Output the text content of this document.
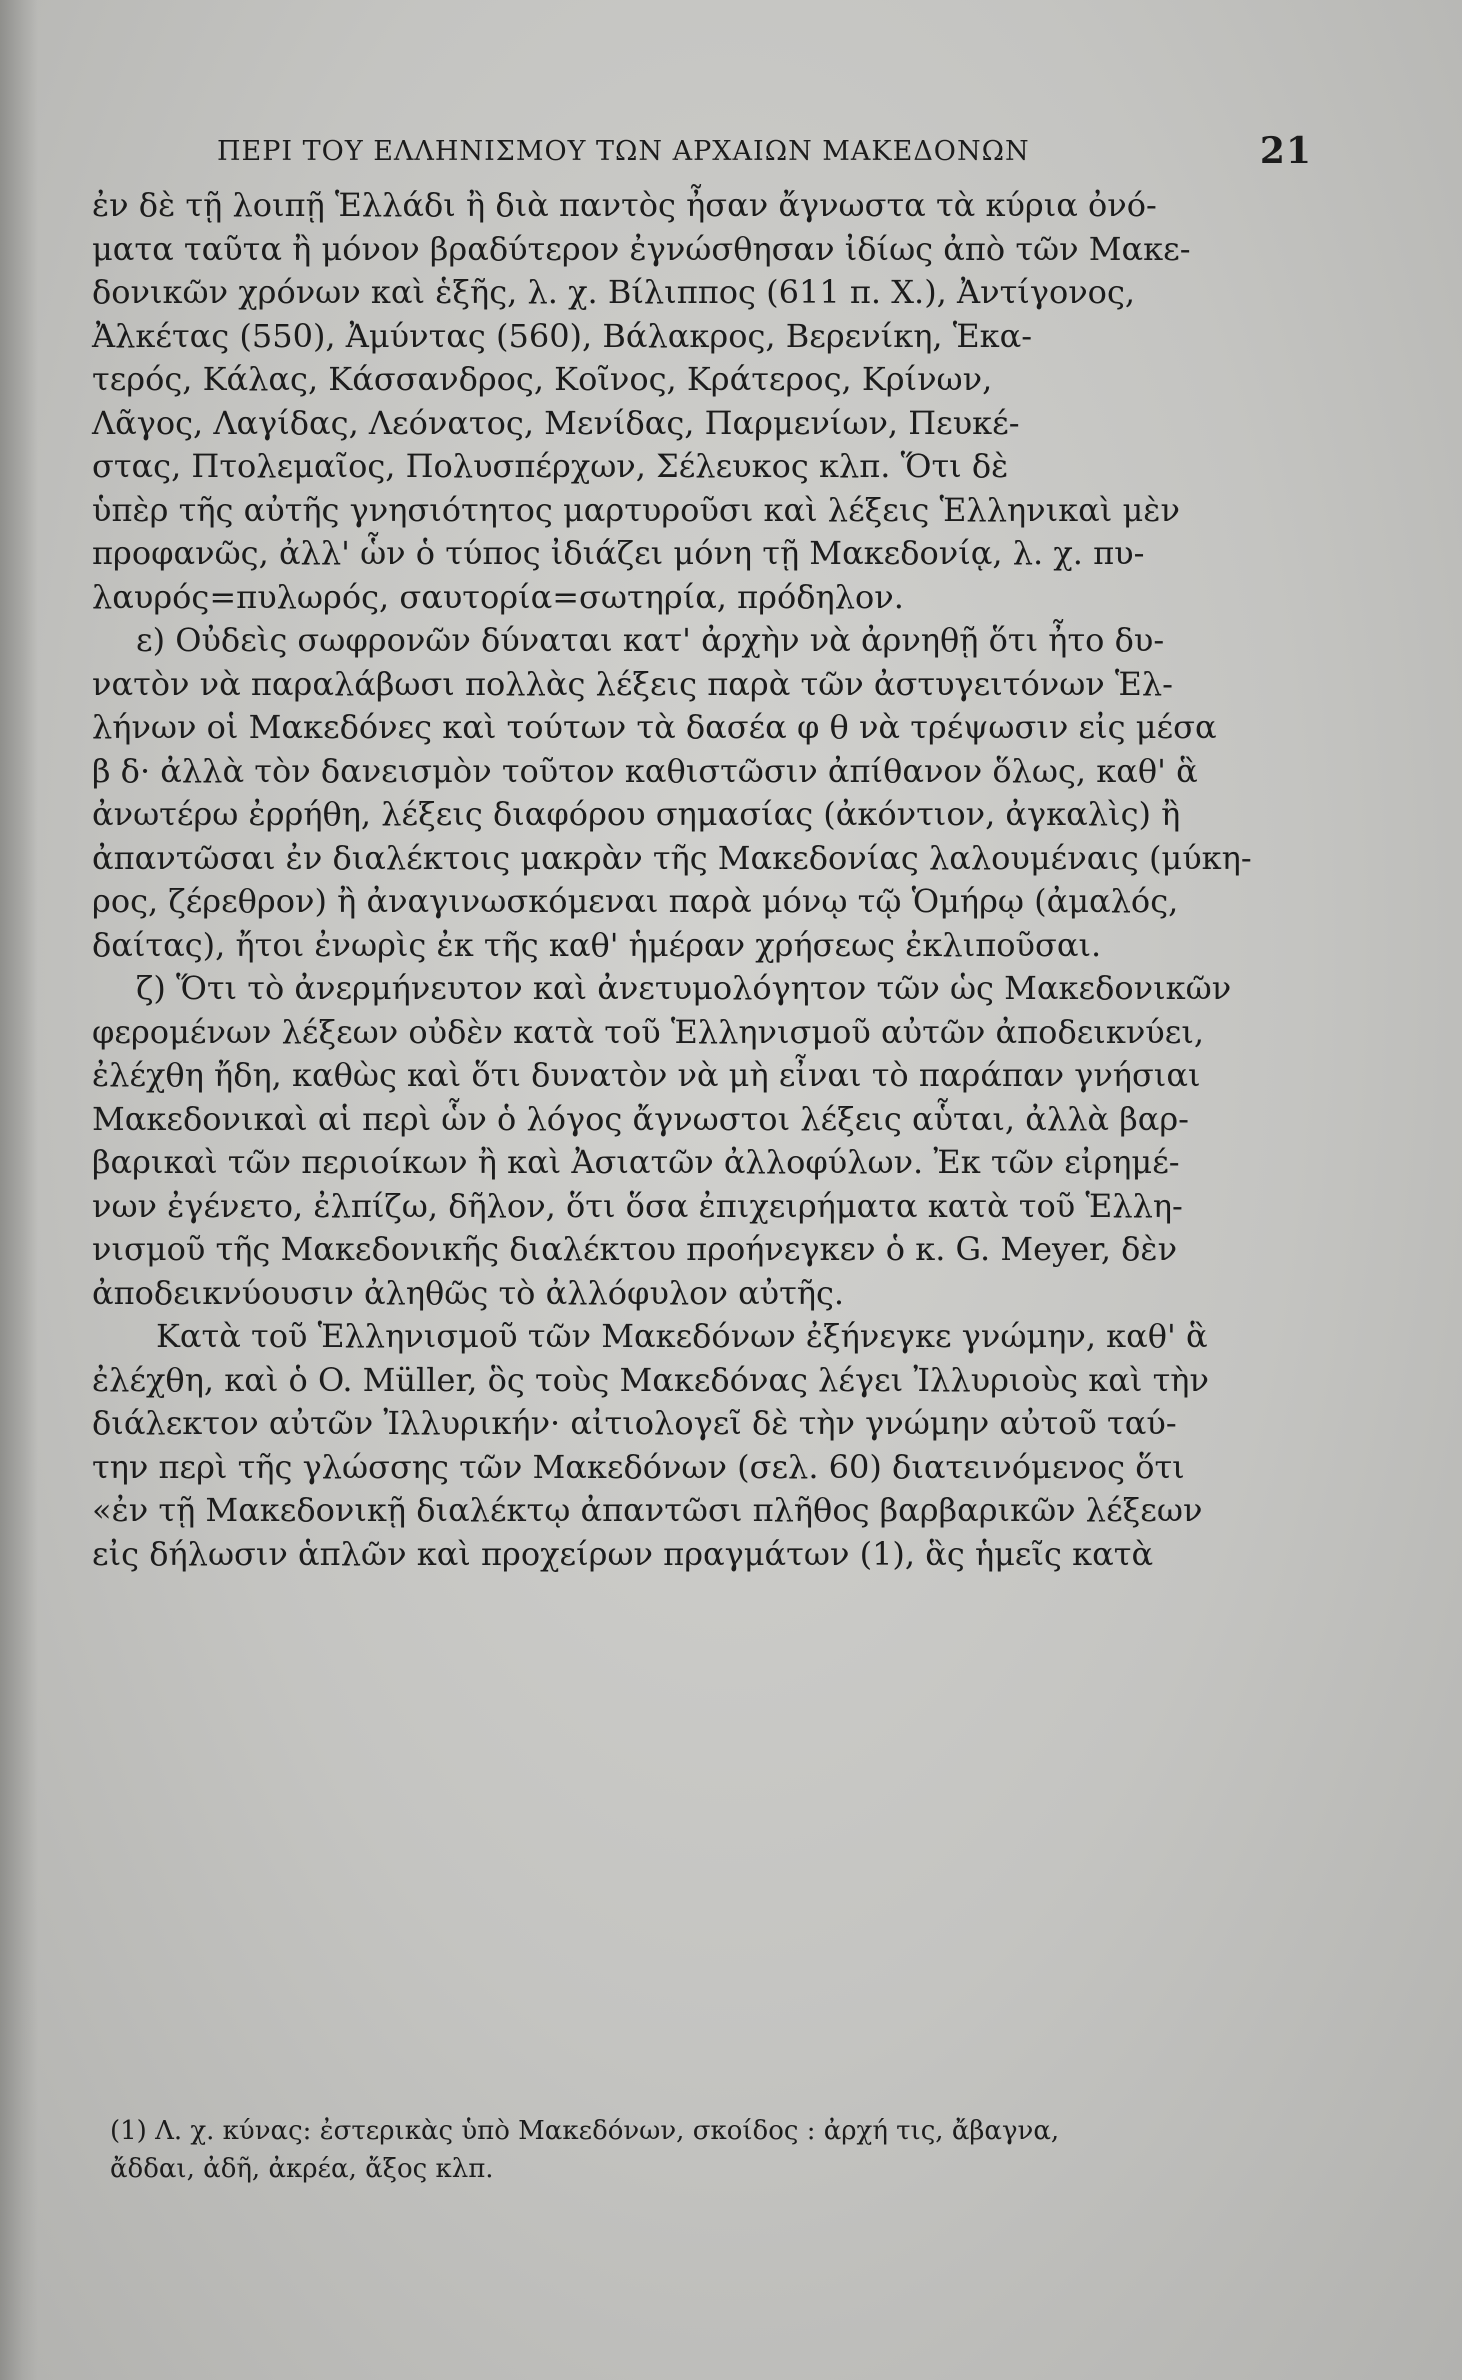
ΠΕΡΙ ΤΟΥ ΕΛΛΗΝΙΣΜΟΥ ΤΩΝ ΑΡΧΑΙΩΝ ΜΑΚΕΔΟΝΩΝ	21
ἐν δὲ τῇ λοιπῇ Ἑλλάδι ἢ διὰ παντὸς ἦσαν ἄγνωστα τὰ κύρια ὀνό-
ματα ταῦτα ἢ μόνον βραδύτερον ἐγνώσθησαν ἰδίως ἀπὸ τῶν Μακε-
δονικῶν χρόνων καὶ ἑξῆς, λ. χ. Βίλιππος (611 π. Χ.), Ἀντίγονος,
Ἀλκέτας (550), Ἀμύντας (560), Βάλακρος, Βερενίκη, Ἑκα-
τερός, Κάλας, Κάσσανδρος, Κοῖνος, Κράτερος, Κρίνων,
Λᾶγος, Λαγίδας, Λεόνατος, Μενίδας, Παρμενίων, Πευκέ-
στας, Πτολεμαῖος, Πολυσπέρχων, Σέλευκος κλπ. Ὅτι δὲ
ὑπὲρ τῆς αὐτῆς γνησιότητος μαρτυροῦσι καὶ λέξεις Ἑλληνικαὶ μὲν
προφανῶς, ἀλλ' ὧν ὁ τύπος ἰδιάζει μόνη τῇ Μακεδονίᾳ, λ. χ. πυ-
λαυρός=πυλωρός, σαυτορία=σωτηρία, πρόδηλον.
ε) Οὐδεὶς σωφρονῶν δύναται κατ' ἀρχὴν νὰ ἀρνηθῇ ὅτι ἦτο δυ-
νατὸν νὰ παραλάβωσι πολλὰς λέξεις παρὰ τῶν ἀστυγειτόνων Ἑλ-
λήνων οἱ Μακεδόνες καὶ τούτων τὰ δασέα φ θ νὰ τρέψωσιν εἰς μέσα
β δ· ἀλλὰ τὸν δανεισμὸν τοῦτον καθιστῶσιν ἀπίθανον ὅλως, καθ' ἃ
ἀνωτέρω ἐρρήθη, λέξεις διαφόρου σημασίας (ἀκόντιον, ἀγκαλὶς) ἢ
ἀπαντῶσαι ἐν διαλέκτοις μακρὰν τῆς Μακεδονίας λαλουμέναις (μύκη-
ρος, ζέρεθρον) ἢ ἀναγινωσκόμεναι παρὰ μόνῳ τῷ Ὁμήρῳ (ἀμαλός,
δαίτας), ἤτοι ἐνωρὶς ἐκ τῆς καθ' ἡμέραν χρήσεως ἐκλιποῦσαι.
ζ) Ὅτι τὸ ἀνερμήνευτον καὶ ἀνετυμολόγητον τῶν ὡς Μακεδονικῶν
φερομένων λέξεων οὐδὲν κατὰ τοῦ Ἑλληνισμοῦ αὐτῶν ἀποδεικνύει,
ἐλέχθη ἤδη, καθὼς καὶ ὅτι δυνατὸν νὰ μὴ εἶναι τὸ παράπαν γνήσιαι
Μακεδονικαὶ αἱ περὶ ὧν ὁ λόγος ἄγνωστοι λέξεις αὗται, ἀλλὰ βαρ-
βαρικαὶ τῶν περιοίκων ἢ καὶ Ἀσιατῶν ἀλλοφύλων. Ἐκ τῶν εἰρημέ-
νων ἐγένετο, ἐλπίζω, δῆλον, ὅτι ὅσα ἐπιχειρήματα κατὰ τοῦ Ἑλλη-
νισμοῦ τῆς Μακεδονικῆς διαλέκτου προήνεγκεν ὁ κ. G. Meyer, δὲν
ἀποδεικνύουσιν ἀληθῶς τὸ ἀλλόφυλον αὐτῆς.
Κατὰ τοῦ Ἑλληνισμοῦ τῶν Μακεδόνων ἐξήνεγκε γνώμην, καθ' ἃ
ἐλέχθη, καὶ ὁ O. Müller, ὃς τοὺς Μακεδόνας λέγει Ἰλλυριοὺς καὶ τὴν
διάλεκτον αὐτῶν Ἰλλυρικήν· αἰτιολογεῖ δὲ τὴν γνώμην αὐτοῦ ταύ-
την περὶ τῆς γλώσσης τῶν Μακεδόνων (σελ. 60) διατεινόμενος ὅτι
«ἐν τῇ Μακεδονικῇ διαλέκτῳ ἀπαντῶσι πλῆθος βαρβαρικῶν λέξεων
εἰς δήλωσιν ἁπλῶν καὶ προχείρων πραγμάτων (1), ἃς ἡμεῖς κατὰ
(1) Λ. χ. κύνας: ἐστερικὰς ὑπὸ Μακεδόνων, σκοίδος : ἀρχή τις, ἄβαγνα,
ἄδδαι, ἀδῆ, ἀκρέα, ἄξος κλπ.
